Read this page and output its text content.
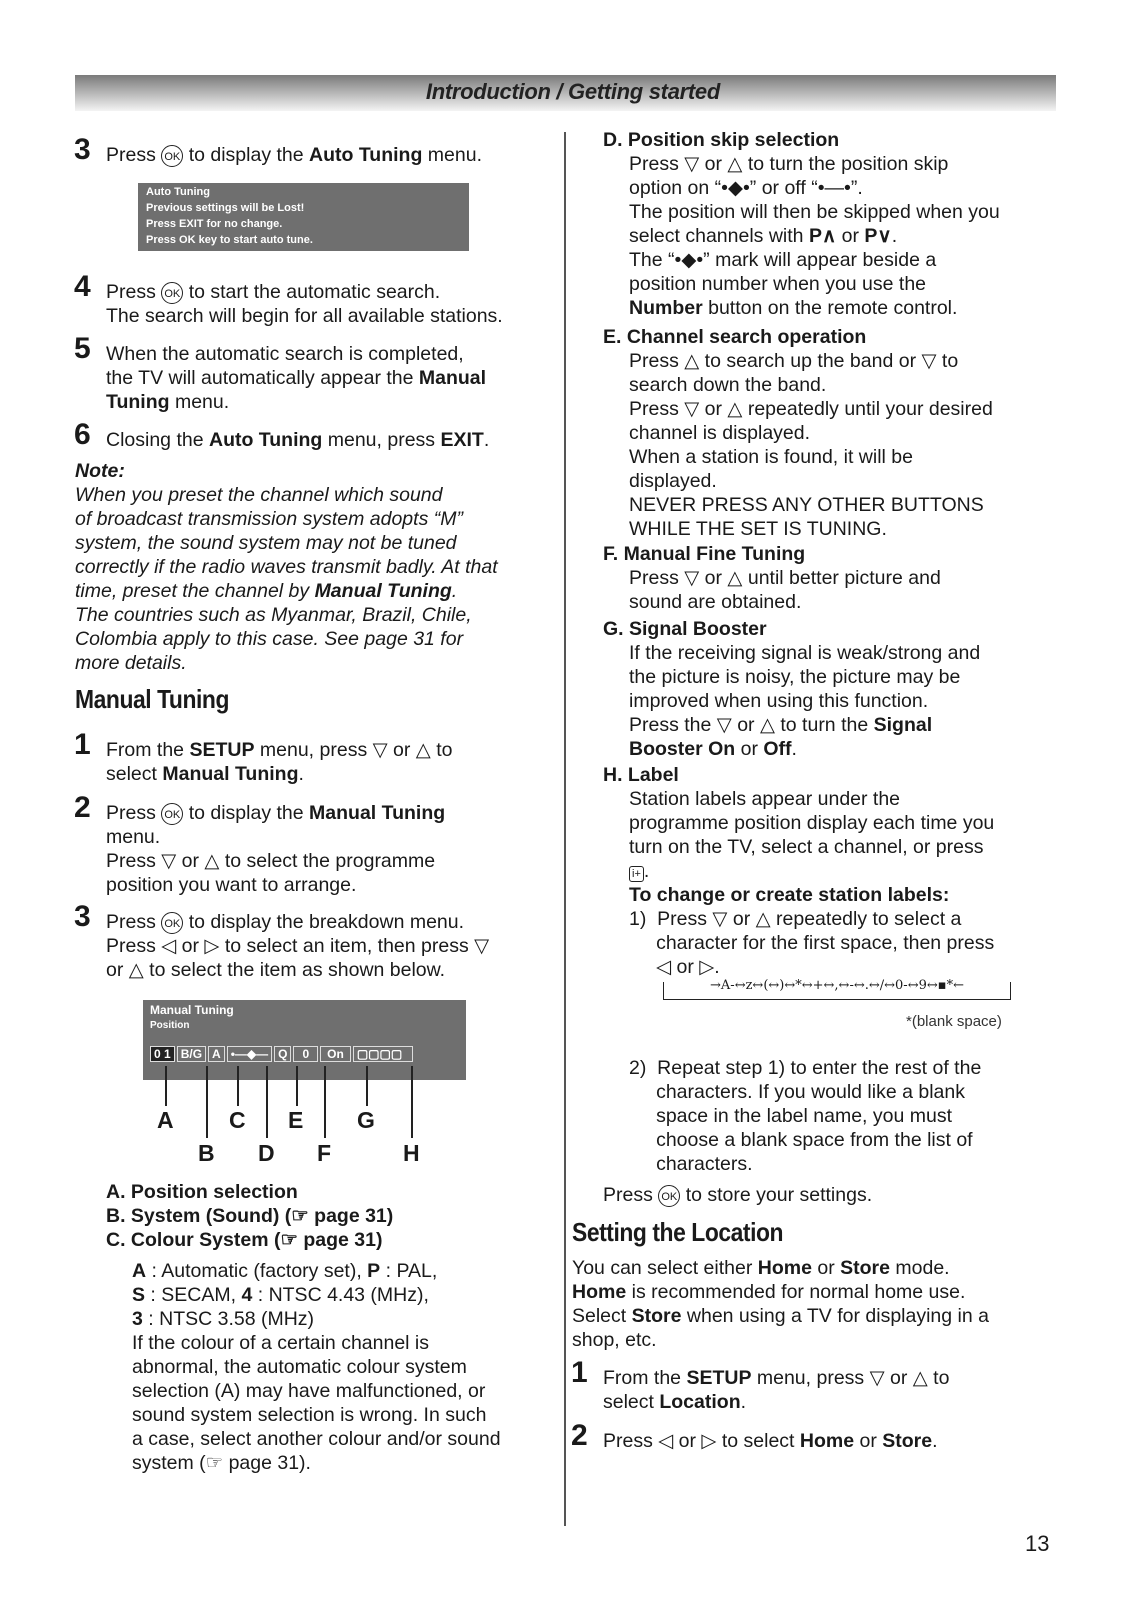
Introduction / Getting started
3 Press OK to display the Auto Tuning menu.
Auto Tuning
Previous settings will be Lost!
Press EXIT for no change.
Press OK key to start auto tune.
4 Press OK to start the automatic search.
The search will begin for all available stations.
5 When the automatic search is completed,
the TV will automatically appear the Manual
Tuning menu.
6 Closing the Auto Tuning menu, press EXIT.
Note:
When you preset the channel which sound
of broadcast transmission system adopts “M”
system, the sound system may not be tuned
correctly if the radio waves transmit badly. At that
time, preset the channel by Manual Tuning.
The countries such as Myanmar, Brazil, Chile,
Colombia apply to this case. See page 31 for
more details.
Manual Tuning
1 From the SETUP menu, press ▽ or △ to
select Manual Tuning.
2 Press OK to display the Manual Tuning
menu.
Press ▽ or △ to select the programme
position you want to arrange.
3 Press OK to display the breakdown menu.
Press ◁ or ▷ to select an item, then press ▽
or △ to select the item as shown below.
Manual Tuning
Position
0 1 B/G A •—◆— Q 0 On ▢▢▢▢
A C E G
B D F	H
A. Position selection
B. System (Sound) (☞ page 31)
C. Colour System (☞ page 31)
A : Automatic (factory set), P : PAL,
S : SECAM, 4 : NTSC 4.43 (MHz),
3 : NTSC 3.58 (MHz)
If the colour of a certain channel is
abnormal, the automatic colour system
selection (A) may have malfunctioned, or
sound system selection is wrong. In such
a case, select another colour and/or sound
system (☞ page 31).
D. Position skip selection
Press ▽ or △ to turn the position skip
option on “•◆•” or off “•—•”.
The position will then be skipped when you
select channels with P∧ or P∨.
The “•◆•” mark will appear beside a
position number when you use the
Number button on the remote control.
E. Channel search operation
Press △ to search up the band or ▽ to
search down the band.
Press ▽ or △ repeatedly until your desired
channel is displayed.
When a station is found, it will be
displayed.
NEVER PRESS ANY OTHER BUTTONS
WHILE THE SET IS TUNING.
F. Manual Fine Tuning
Press ▽ or △ until better picture and
sound are obtained.
G. Signal Booster
If the receiving signal is weak/strong and
the picture is noisy, the picture may be
improved when using this function.
Press the ▽ or △ to turn the Signal
Booster On or Off.
H. Label
Station labels appear under the
programme position display each time you
turn on the TV, select a channel, or press
i+ .
To change or create station labels:
1)  Press ▽ or △ repeatedly to select a
character for the first space, then press
◁ or ▷.
→A-↔z↔(↔)↔*↔+↔,↔-↔.↔/↔0-↔9↔▪*←
*(blank space)
2)  Repeat step 1) to enter the rest of the
characters. If you would like a blank
space in the label name, you must
choose a blank space from the list of
characters.
Press OK to store your settings.
Setting the Location
You can select either Home or Store mode.
Home is recommended for normal home use.
Select Store when using a TV for displaying in a
shop, etc.
1 From the SETUP menu, press ▽ or △ to
select Location.
2 Press ◁ or ▷ to select Home or Store.
13
